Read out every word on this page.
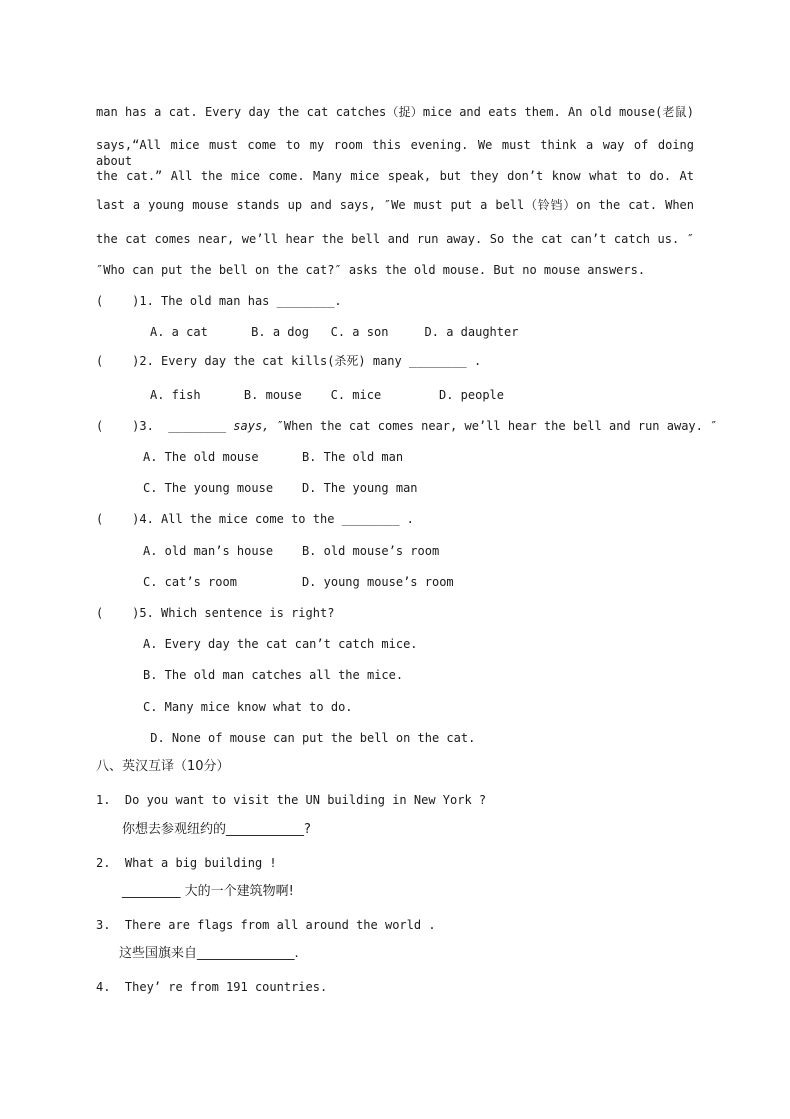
man has a cat. Every day the cat catches（捉）mice and eats them. An old mouse(老鼠)
says,“All mice must come to my room this evening. We must think a way of doing about
the cat.” All the mice come. Many mice speak, but they don’t know what to do. At
last a young mouse stands up and says, ″We must put a bell（铃铛）on the cat. When
the cat comes near, we’ll hear the bell and run away. So the cat can’t catch us. ″
″Who can put the bell on the cat?″ asks the old mouse. But no mouse answers.
(    )1. The old man has ________.
A. a cat      B. a dog   C. a son     D. a daughter
(    )2. Every day the cat kills(杀死) many ________ .
A. fish      B. mouse    C. mice        D. people
(    )3.  ________ says, ″When the cat comes near, we’ll hear the bell and run away. ″
A. The old mouse      B. The old man
C. The young mouse    D. The young man
(    )4. All the mice come to the ________ .
A. old man’s house    B. old mouse’s room
C. cat’s room         D. young mouse’s room
(    )5. Which sentence is right?
A. Every day the cat can’t catch mice.
B. The old man catches all the mice.
C. Many mice know what to do.
D. None of mouse can put the bell on the cat.
八、英汉互译（10分）
1.  Do you want to visit the UN building in New York ?
你想去参观纽约的____________?
2.  What a big building !
_________ 大的一个建筑物啊!
3.  There are flags from all around the world .
这些国旗来自_______________.
4.  They’ re from 191 countries.
